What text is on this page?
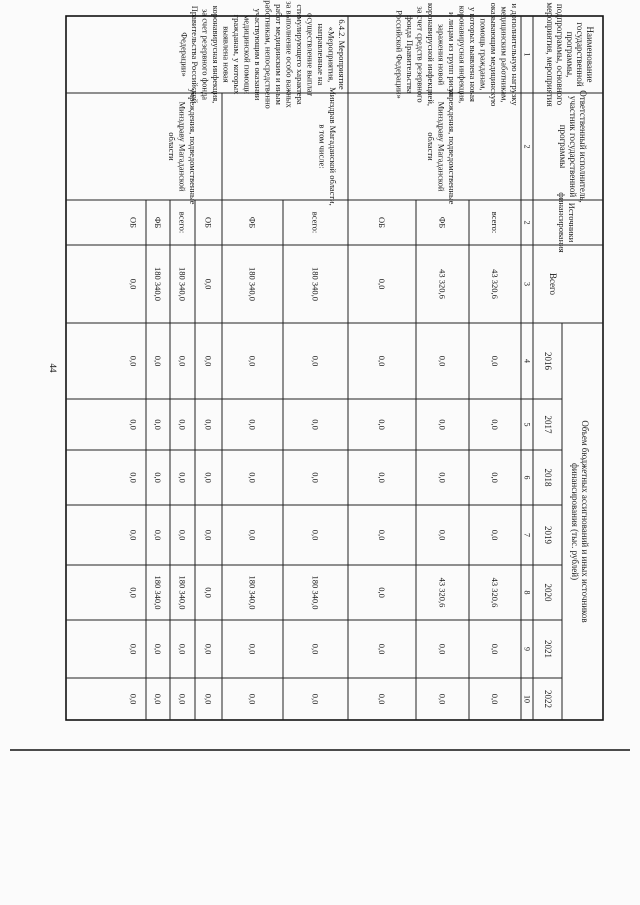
44
Наименование
государственной
программы,
подпрограммы, основного
мероприятия, мероприятия
Ответственный исполнитель,
участник государственной
программы
Источники
финансирования
Всего
Объем бюджетных ассигнований и иных источников
финансирования (тыс. рублей)
2016
2017
2018
2019
2020
2021
2022
1
2
2
3
4
5
6
7
8
9
10
и дополнительную нагрузку
медицинским работникам,
оказывающим медицинскую
помощь гражданам,
у которых выявлена новая
коронавирусная инфекция,
и лицам из групп риска
заражения новой
коронавирусной инфекцией,
за счет средств резервного
фонда Правительства
Российской Федерации»
учреждения, подведомственные
Минздраву Магаданской
области
всего:
43 320,6
0,0
0,0
0,0
0,0
43 320,6
0,0
0,0
ФБ
43 320,6
0,0
0,0
0,0
0,0
43 320,6
0,0
0,0
ОБ
0,0
0,0
0,0
0,0
0,0
0,0
0,0
0,0
6.4.2. Мероприятие
«Мероприятия,
направленные на
осуществление выплат
стимулирующего характера
за выполнение особо важных
работ медицинским и иным
работникам, непосредственно
участвующим в оказании
медицинской помощи
гражданам, у которых
выявлена новая
коронавирусная инфекция,
за счет резервного фонда
Правительства Российской
Федерации»
Минздрав Магаданской области,
в том числе:
учреждения, подведомственные
Минздраву Магаданской
области
всего:
180 340,0
0,0
0,0
0,0
0,0
180 340,0
0,0
0,0
ФБ
180 340,0
0,0
0,0
0,0
0,0
180 340,0
0,0
0,0
ОБ
0,0
0,0
0,0
0,0
0,0
0,0
0,0
0,0
всего:
180 340,0
0,0
0,0
0,0
0,0
180 340,0
0,0
0,0
ФБ
180 340,0
0,0
0,0
0,0
0,0
180 340,0
0,0
0,0
ОБ
0,0
0,0
0,0
0,0
0,0
0,0
0,0
0,0
